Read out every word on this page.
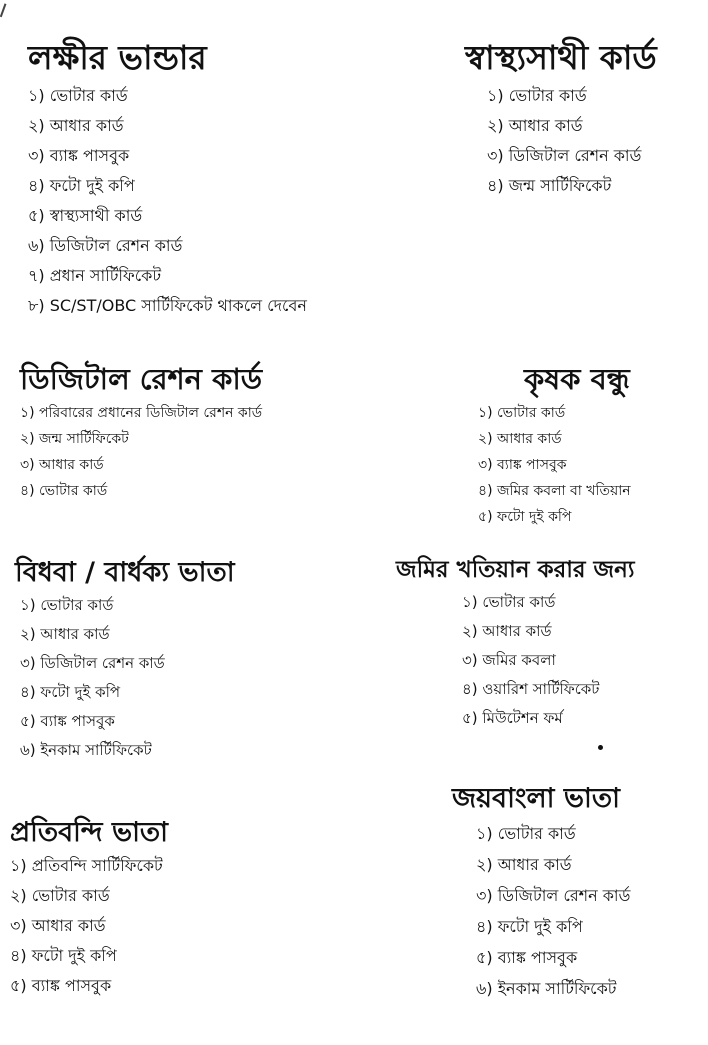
লক্ষীর ভান্ডার
১) ভোটার কার্ড
২) আধার কার্ড
৩) ব্যাঙ্ক পাসবুক
৪) ফটো দুই কপি
৫) স্বাস্থ্যসাথী কার্ড
৬) ডিজিটাল রেশন কার্ড
৭) প্রধান সার্টিফিকেট
৮) SC/ST/OBC সার্টিফিকেট থাকলে দেবেন
স্বাস্থ্যসাথী কার্ড
১) ভোটার কার্ড
২) আধার কার্ড
৩) ডিজিটাল রেশন কার্ড
৪) জন্ম সার্টিফিকেট
ডিজিটাল রেশন কার্ড
১) পরিবারের প্রধানের ডিজিটাল রেশন কার্ড
২) জন্ম সার্টিফিকেট
৩) আধার কার্ড
৪) ভোটার কার্ড
কৃষক বন্ধু
১) ভোটার কার্ড
২) আধার কার্ড
৩) ব্যাঙ্ক পাসবুক
৪) জমির কবলা বা খতিয়ান
৫) ফটো দুই কপি
বিধবা / বার্ধক্য ভাতা
১) ভোটার কার্ড
২) আধার কার্ড
৩) ডিজিটাল রেশন কার্ড
৪) ফটো দুই কপি
৫) ব্যাঙ্ক পাসবুক
৬) ইনকাম সার্টিফিকেট
জমির খতিয়ান করার জন্য
১) ভোটার কার্ড
২) আধার কার্ড
৩) জমির কবলা
৪) ওয়ারিশ সার্টিফিকেট
৫) মিউটেশন ফর্ম
জয়বাংলা ভাতা
১) ভোটার কার্ড
২) আধার কার্ড
৩) ডিজিটাল রেশন কার্ড
৪) ফটো দুই কপি
৫) ব্যাঙ্ক পাসবুক
৬) ইনকাম সার্টিফিকেট
প্রতিবন্দি ভাতা
১) প্রতিবন্দি সার্টিফিকেট
২) ভোটার কার্ড
৩) আধার কার্ড
৪) ফটো দুই কপি
৫) ব্যাঙ্ক পাসবুক
